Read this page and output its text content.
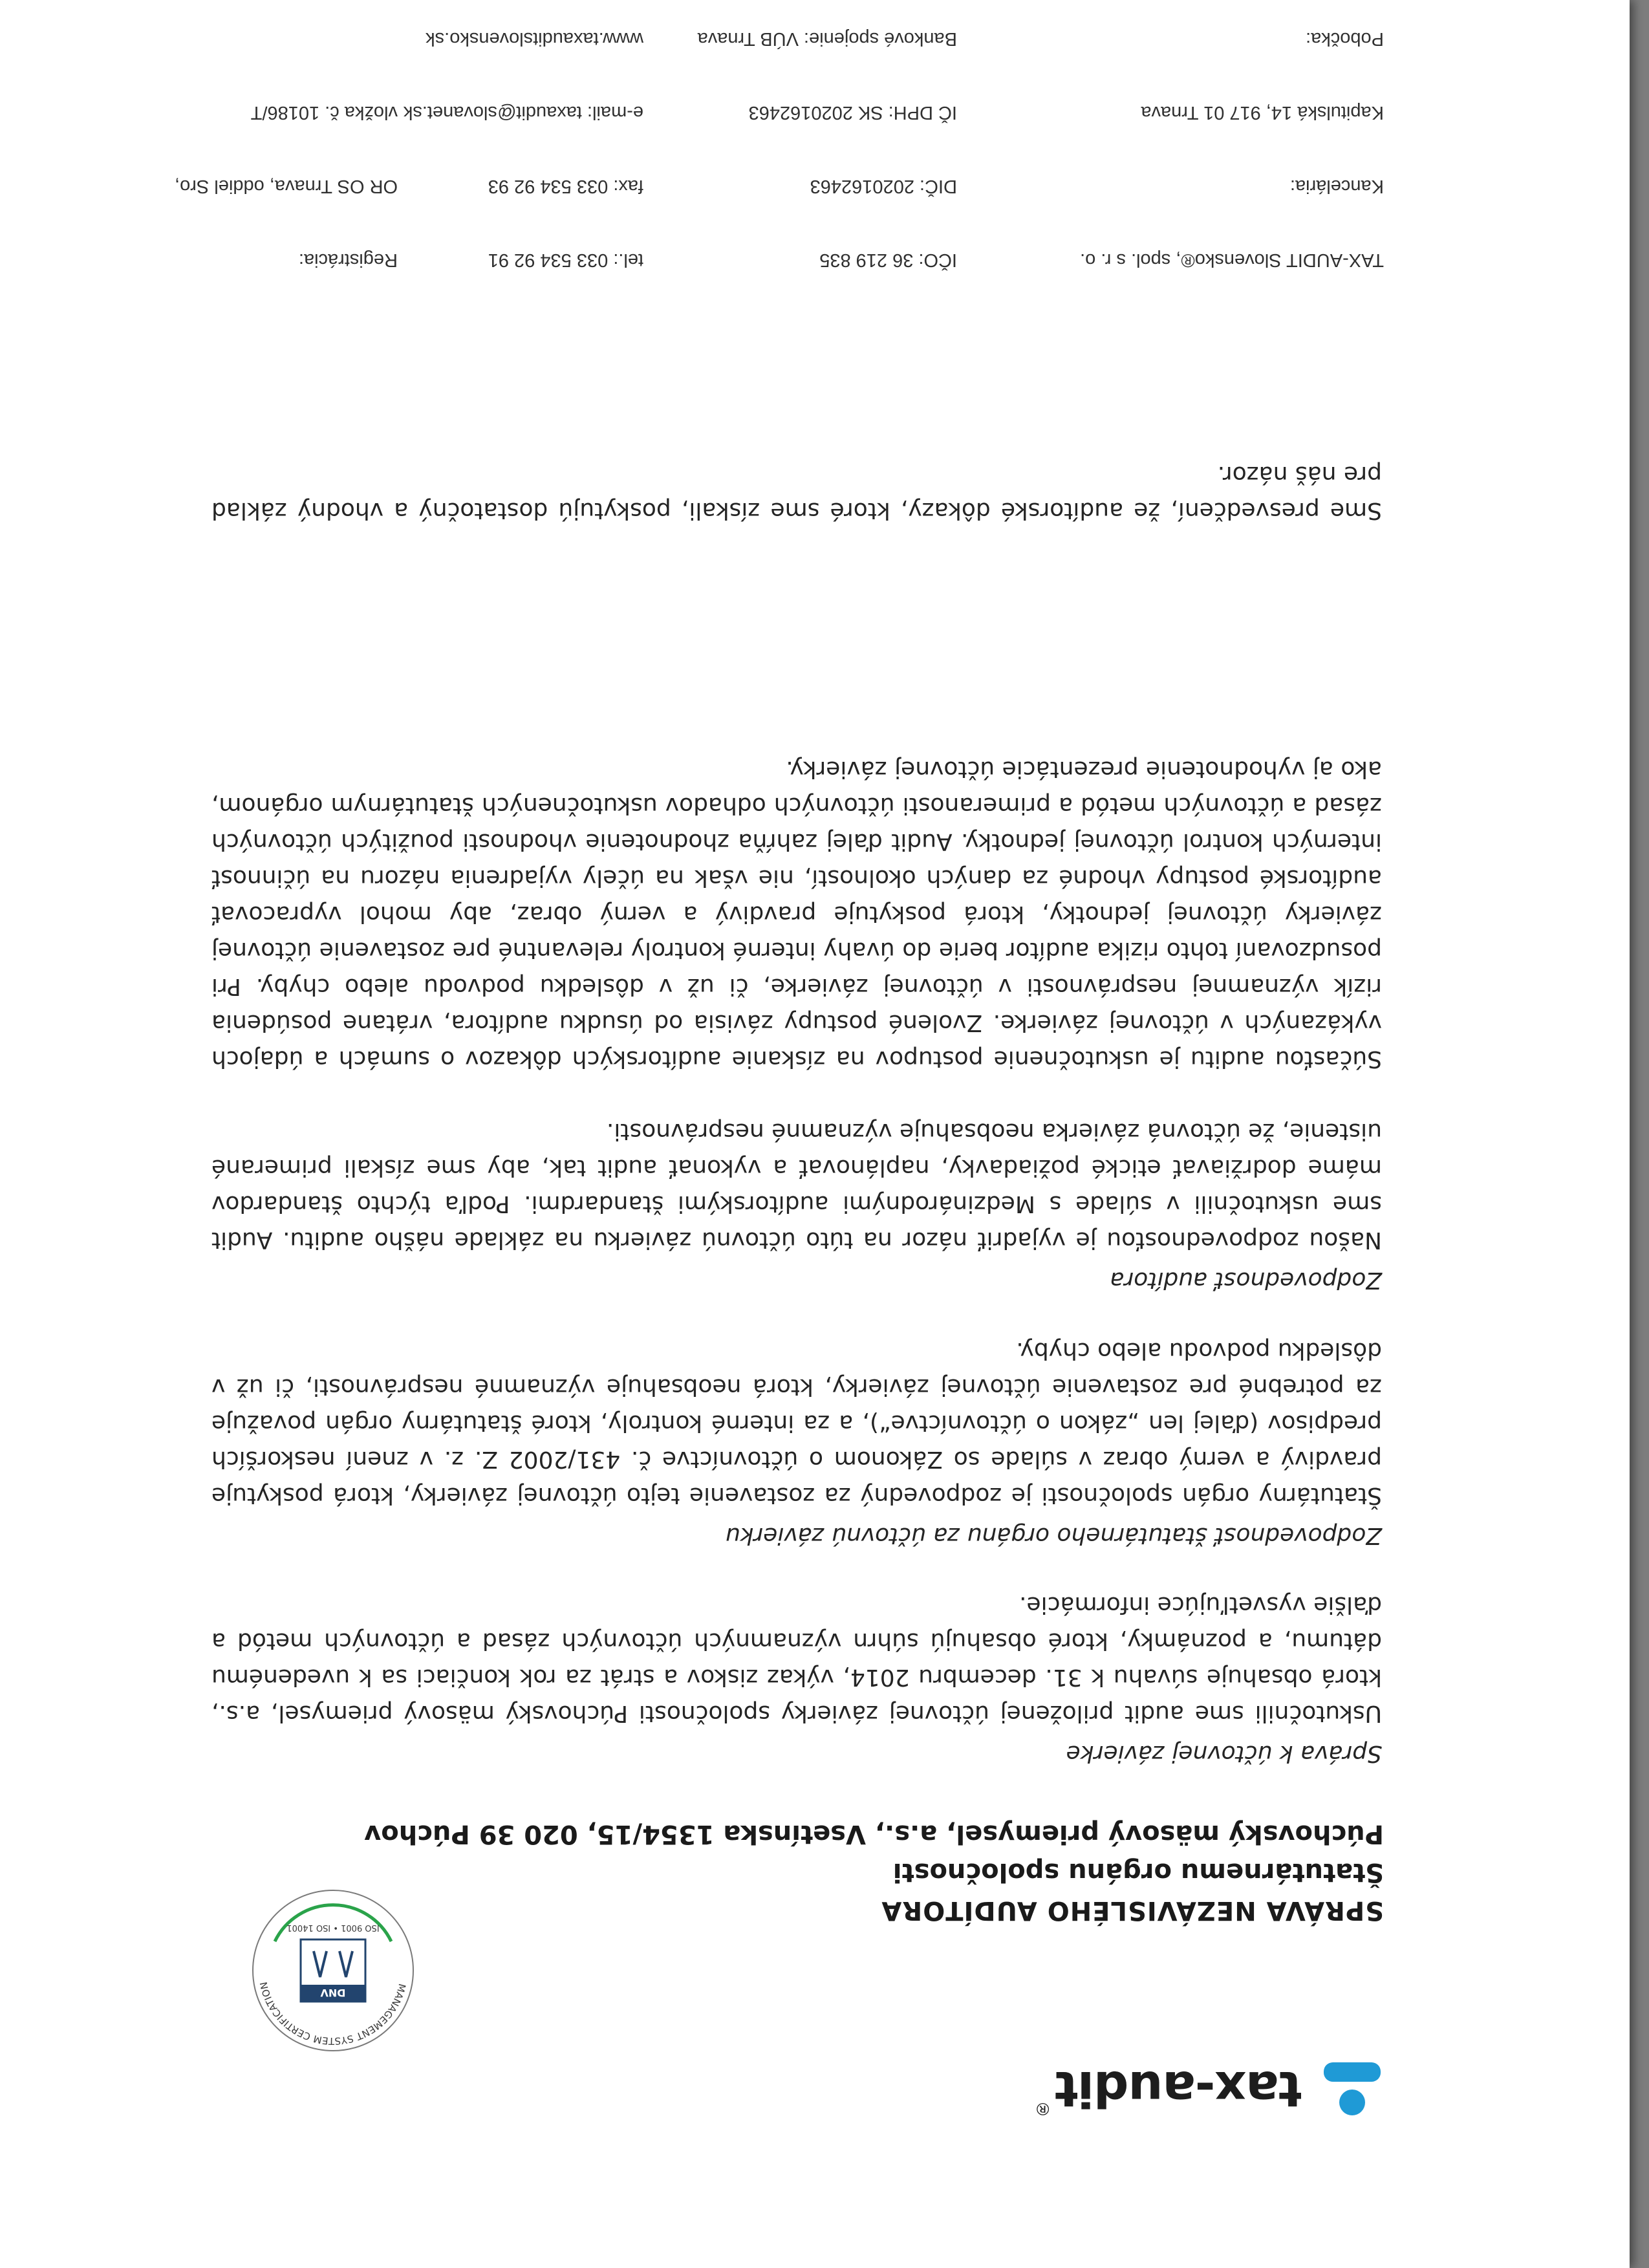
tax-audit®
MANAGEMENT SYSTEM CERTIFICATION
DNV
ISO 9001 • ISO 14001
SPRÁVA NEZÁVISLÉHO AUDÍTORA
Štatutárnemu orgánu spoločnosti
Púchovský mäsový priemysel, a.s., Vsetínska 1354/15, 020 39 Púchov
Správa k účtovnej závierke
Uskutočnili sme audit priloženej účtovnej závierky spoločnosti Púchovský mäsový priemysel, a.s., ktorá obsahuje súvahu k 31. decembru 2014, výkaz ziskov a strát za rok končiaci sa k uvedenému dátumu, a poznámky, ktoré obsahujú súhrn významných účtovných zásad a účtovných metód a ďalšie vysvetľujúce informácie.
Zodpovednosť štatutárneho orgánu za účtovnú závierku
Štatutárny orgán spoločnosti je zodpovedný za zostavenie tejto účtovnej závierky, ktorá poskytuje pravdivý a verný obraz v súlade so Zákonom o účtovníctve č. 431/2002 Z. z. v znení neskorších predpisov (ďalej len „zákon o účtovníctve“), a za interné kontroly, ktoré štatutárny orgán považuje za potrebné pre zostavenie účtovnej závierky, ktorá neobsahuje významné nesprávnosti, či už v dôsledku podvodu alebo chyby.
Zodpovednosť audítora
Našou zodpovednosťou je vyjadriť názor na túto účtovnú závierku na základe nášho auditu. Audit sme uskutočnili v súlade s Medzinárodnými audítorskými štandardmi. Podľa týchto štandardov máme dodržiavať etické požiadavky, naplánovať a vykonať audit tak, aby sme získali primerané uistenie, že účtovná závierka neobsahuje významné nesprávnosti.
Súčasťou auditu je uskutočnenie postupov na získanie audítorských dôkazov o sumách a údajoch vykázaných v účtovnej závierke. Zvolené postupy závisia od úsudku audítora, vrátane posúdenia rizík významnej nesprávnosti v účtovnej závierke, či už v dôsledku podvodu alebo chyby. Pri posudzovaní tohto rizika audítor berie do úvahy interné kontroly relevantné pre zostavenie účtovnej závierky účtovnej jednotky, ktorá poskytuje pravdivý a verný obraz, aby mohol vypracovať audítorské postupy vhodné za daných okolností, nie však na účely vyjadrenia názoru na účinnosť interných kontrol účtovnej jednotky. Audit ďalej zahŕňa zhodnotenie vhodnosti použitých účtovných zásad a účtovných metód a primeranosti účtovných odhadov uskutočnených štatutárnym orgánom, ako aj vyhodnotenie prezentácie účtovnej závierky.
Sme presvedčení, že audítorské dôkazy, ktoré sme získali, poskytujú dostatočný a vhodný základ pre náš názor.

TAX-AUDIT Slovensko®, spol. s r. o.

Kancelária:

Kapitulská 14, 917 01 Trnava

Pobočka:

IČO: 36 219 835

DIČ: 2020162463

IČ DPH: SK 2020162463

Bankové spojenie: VÚB Trnava

tel.: 033 534 92 91

fax: 033 534 92 93

e-mail: taxaudit@slovanet.sk

www.taxauditslovensko.sk

Registrácia:

OR OS Trnava, oddiel Sro,

vložka č. 10186/T
